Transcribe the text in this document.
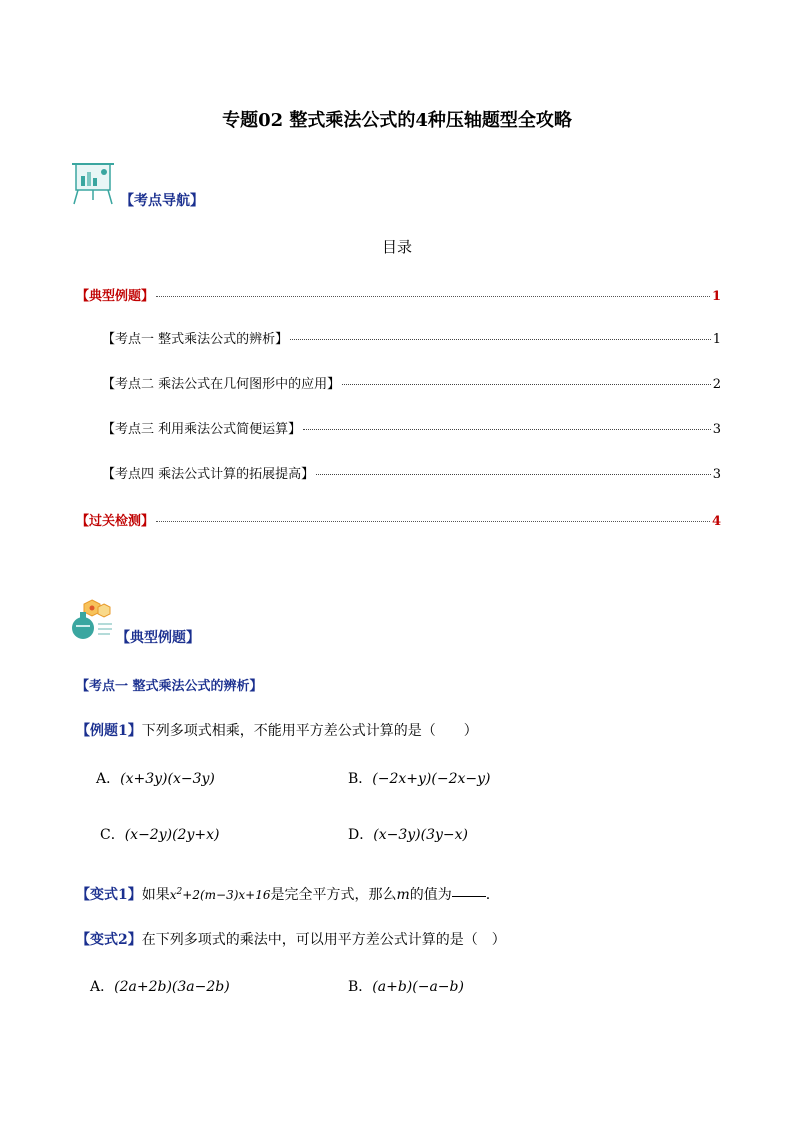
专题02 整式乘法公式的4种压轴题型全攻略
【考点导航】
目录
【典型例题】	1
【考点一 整式乘法公式的辨析】	1
【考点二 乘法公式在几何图形中的应用】	2
【考点三 利用乘法公式简便运算】	3
【考点四 乘法公式计算的拓展提高】	3
【过关检测】	4
【典型例题】
【考点一 整式乘法公式的辨析】
【例题1】下列多项式相乘，不能用平方差公式计算的是（　　）
A．(x+3y)(x−3y)	B．(−2x+y)(−2x−y)
C．(x−2y)(2y+x)	D．(x−3y)(3y−x)
【变式1】如果$x^2+2(m-3)x+16$是完全平方式，那么m的值为 .
【变式2】在下列多项式的乘法中，可以用平方差公式计算的是（　）
A．(2a+2b)(3a−2b)	B．(a+b)(−a−b)
